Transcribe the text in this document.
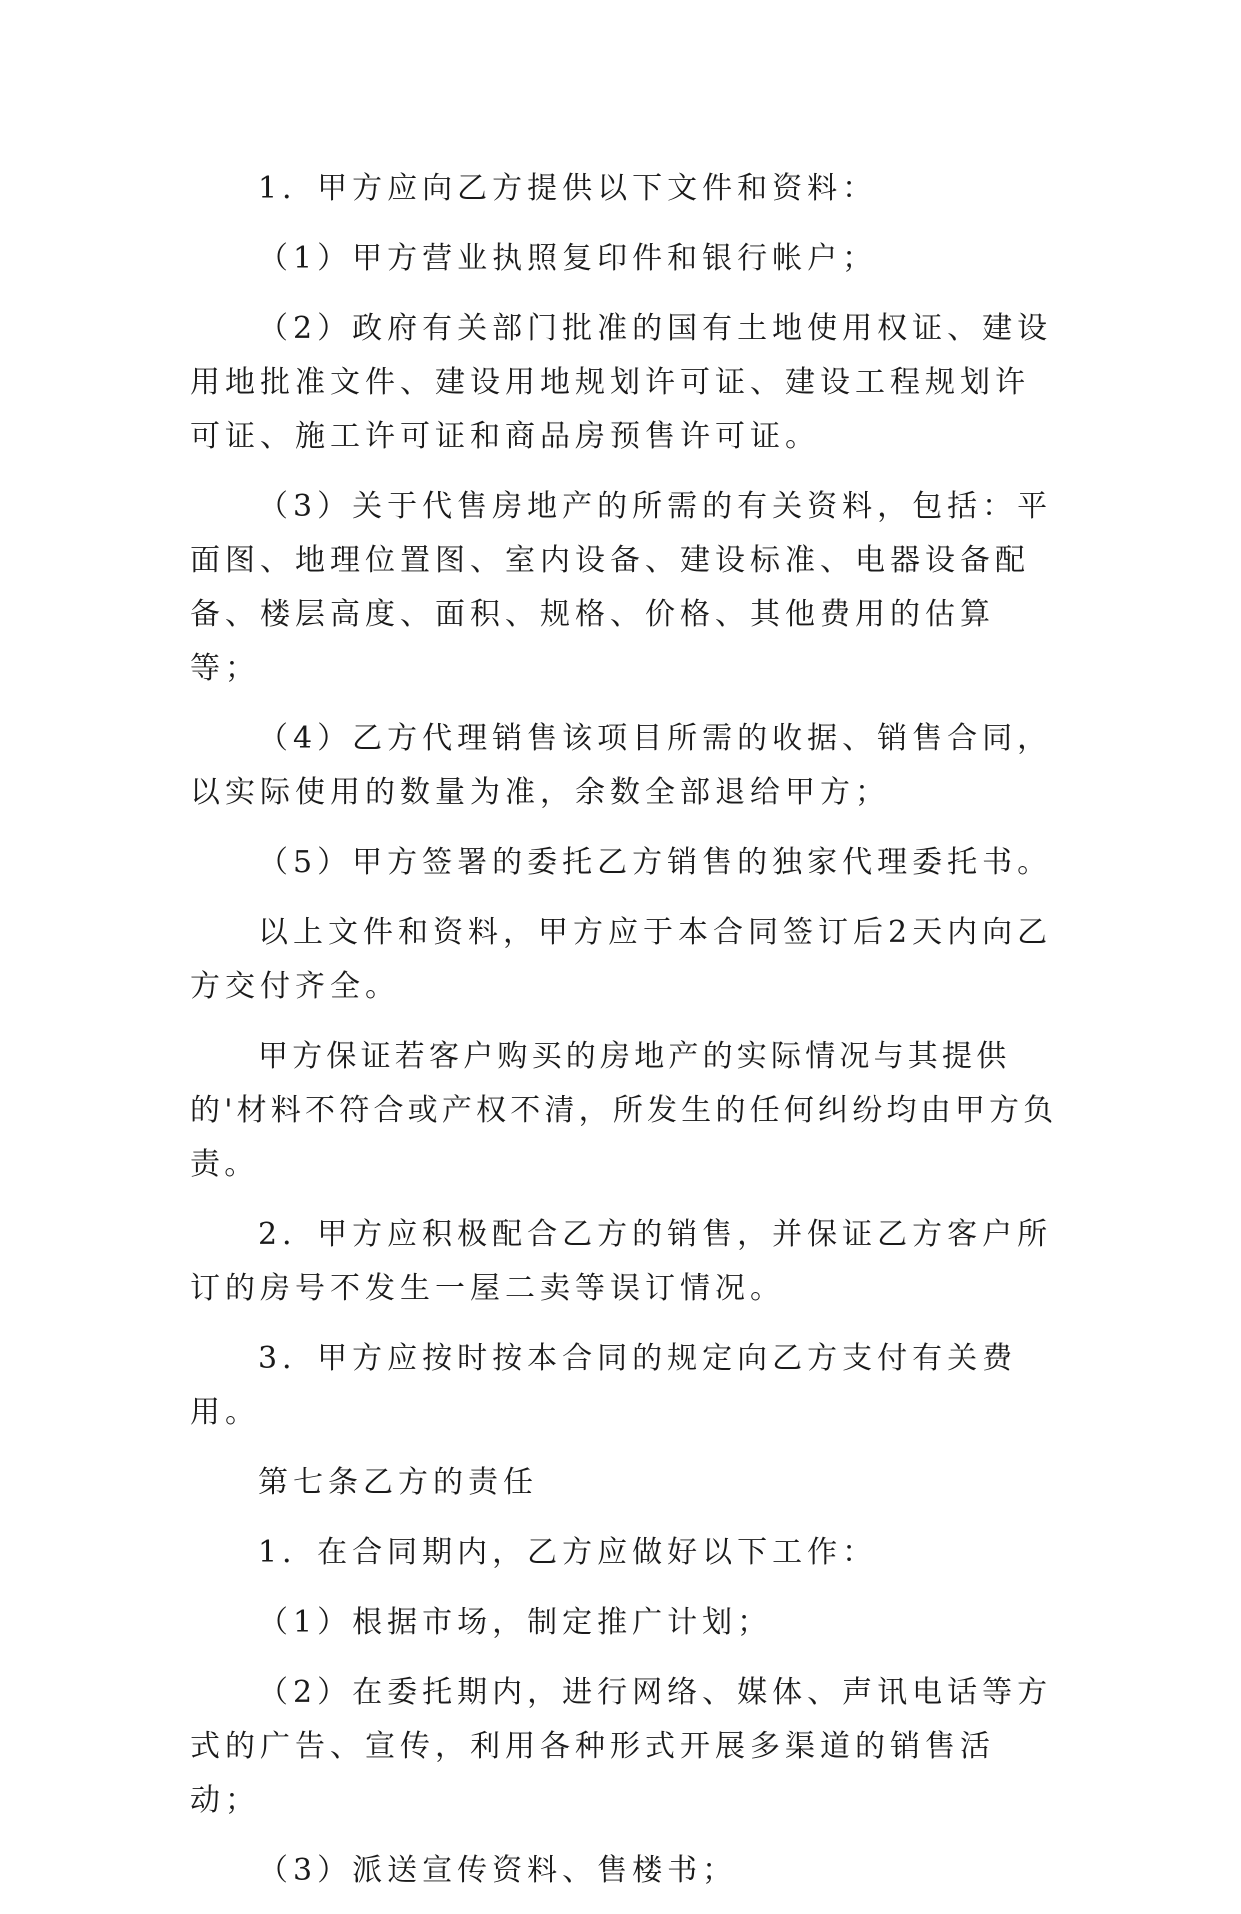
1．甲方应向乙方提供以下文件和资料：

（1）甲方营业执照复印件和银行帐户；

（2）政府有关部门批准的国有土地使用权证、建设用地批准文件、建设用地规划许可证、建设工程规划许可证、施工许可证和商品房预售许可证。

（3）关于代售房地产的所需的有关资料，包括：平面图、地理位置图、室内设备、建设标准、电器设备配备、楼层高度、面积、规格、价格、其他费用的估算等；

（4）乙方代理销售该项目所需的收据、销售合同，以实际使用的数量为准，余数全部退给甲方；

（5）甲方签署的委托乙方销售的独家代理委托书。

以上文件和资料，甲方应于本合同签订后2天内向乙方交付齐全。

甲方保证若客户购买的房地产的实际情况与其提供的'材料不符合或产权不清，所发生的任何纠纷均由甲方负责。

2．甲方应积极配合乙方的销售，并保证乙方客户所订的房号不发生一屋二卖等误订情况。

3．甲方应按时按本合同的规定向乙方支付有关费用。

第七条乙方的责任

1．在合同期内，乙方应做好以下工作：

（1）根据市场，制定推广计划；

（2）在委托期内，进行网络、媒体、声讯电话等方式的广告、宣传，利用各种形式开展多渠道的销售活动；

（3）派送宣传资料、售楼书；
